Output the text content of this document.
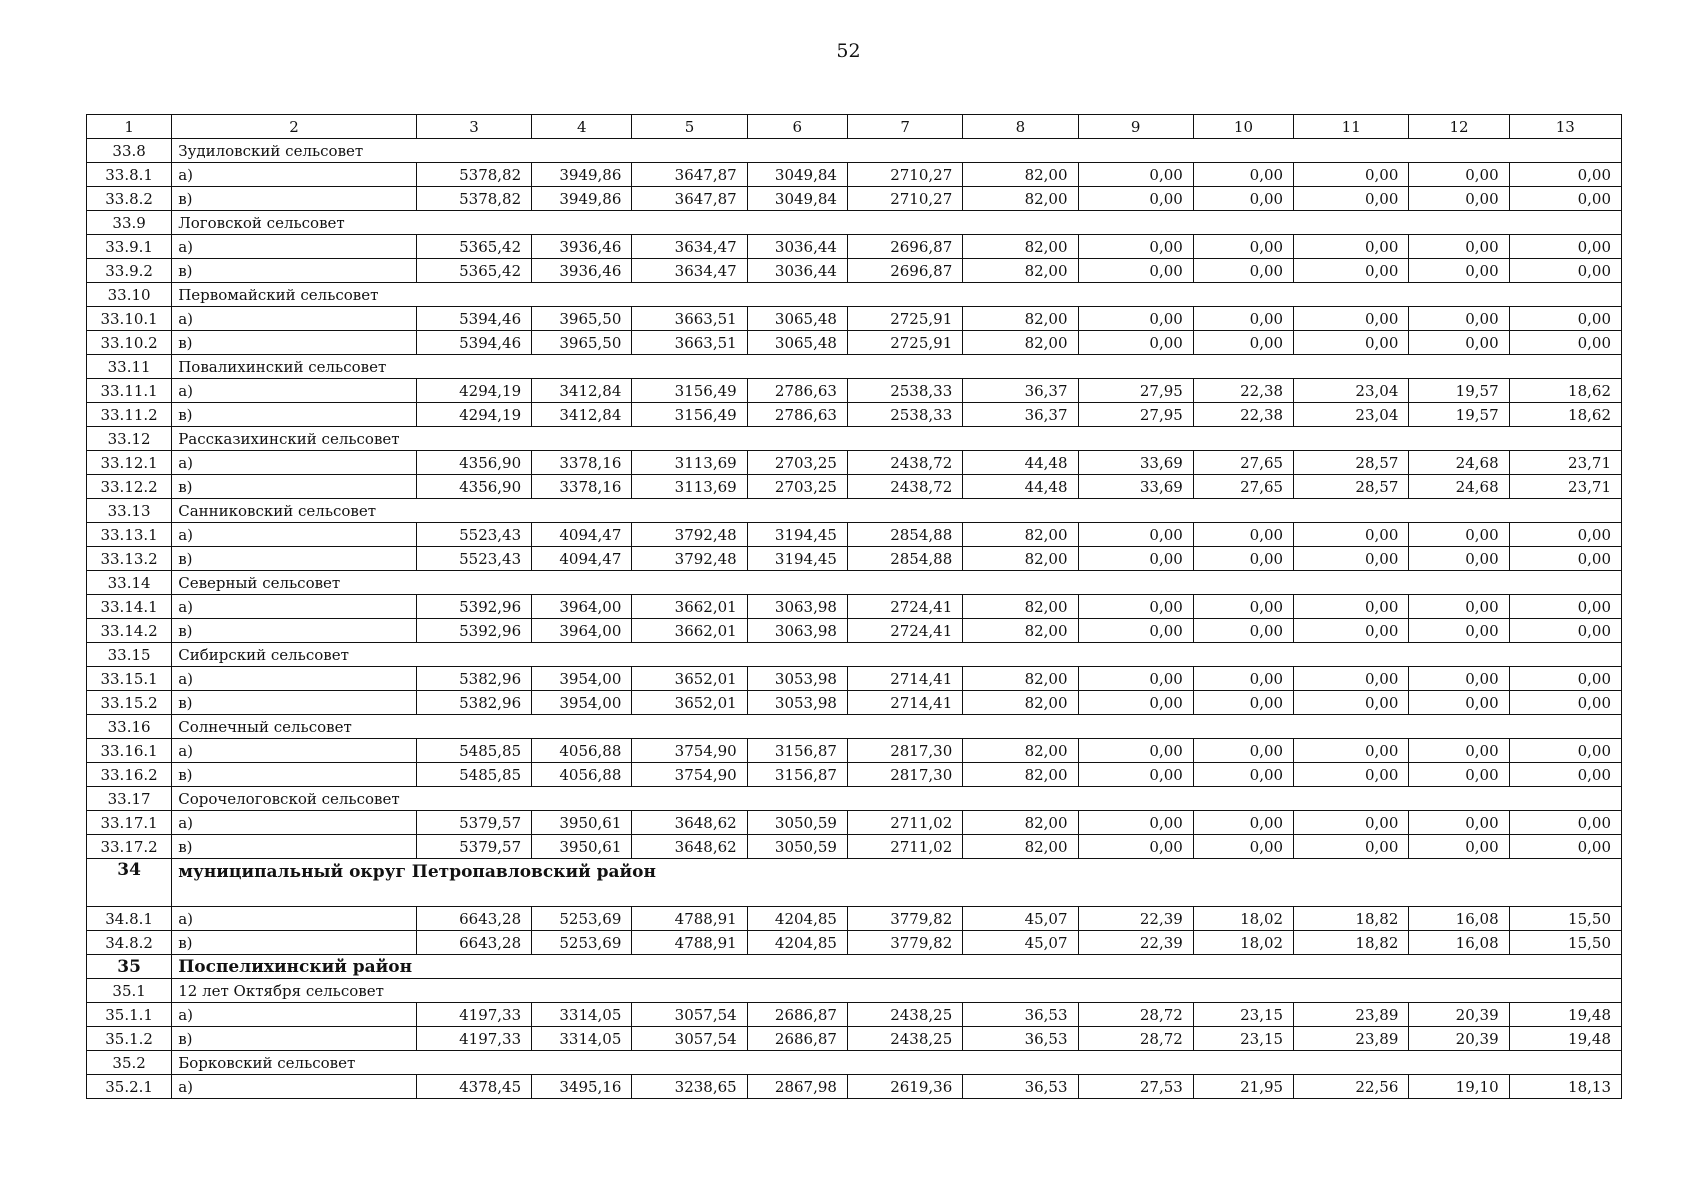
52
1	2	3	4	5	6	7	8	9	10	11	12	13
33.8	Зудиловский сельсовет											
33.8.1	а)	5378,82	3949,86	3647,87	3049,84	2710,27	82,00	0,00	0,00	0,00	0,00	0,00
33.8.2	в)	5378,82	3949,86	3647,87	3049,84	2710,27	82,00	0,00	0,00	0,00	0,00	0,00
33.9	Логовской сельсовет											
33.9.1	а)	5365,42	3936,46	3634,47	3036,44	2696,87	82,00	0,00	0,00	0,00	0,00	0,00
33.9.2	в)	5365,42	3936,46	3634,47	3036,44	2696,87	82,00	0,00	0,00	0,00	0,00	0,00
33.10	Первомайский сельсовет											
33.10.1	а)	5394,46	3965,50	3663,51	3065,48	2725,91	82,00	0,00	0,00	0,00	0,00	0,00
33.10.2	в)	5394,46	3965,50	3663,51	3065,48	2725,91	82,00	0,00	0,00	0,00	0,00	0,00
33.11	Повалихинский сельсовет											
33.11.1	а)	4294,19	3412,84	3156,49	2786,63	2538,33	36,37	27,95	22,38	23,04	19,57	18,62
33.11.2	в)	4294,19	3412,84	3156,49	2786,63	2538,33	36,37	27,95	22,38	23,04	19,57	18,62
33.12	Рассказихинский сельсовет											
33.12.1	а)	4356,90	3378,16	3113,69	2703,25	2438,72	44,48	33,69	27,65	28,57	24,68	23,71
33.12.2	в)	4356,90	3378,16	3113,69	2703,25	2438,72	44,48	33,69	27,65	28,57	24,68	23,71
33.13	Санниковский сельсовет											
33.13.1	а)	5523,43	4094,47	3792,48	3194,45	2854,88	82,00	0,00	0,00	0,00	0,00	0,00
33.13.2	в)	5523,43	4094,47	3792,48	3194,45	2854,88	82,00	0,00	0,00	0,00	0,00	0,00
33.14	Северный сельсовет											
33.14.1	а)	5392,96	3964,00	3662,01	3063,98	2724,41	82,00	0,00	0,00	0,00	0,00	0,00
33.14.2	в)	5392,96	3964,00	3662,01	3063,98	2724,41	82,00	0,00	0,00	0,00	0,00	0,00
33.15	Сибирский сельсовет											
33.15.1	а)	5382,96	3954,00	3652,01	3053,98	2714,41	82,00	0,00	0,00	0,00	0,00	0,00
33.15.2	в)	5382,96	3954,00	3652,01	3053,98	2714,41	82,00	0,00	0,00	0,00	0,00	0,00
33.16	Солнечный сельсовет											
33.16.1	а)	5485,85	4056,88	3754,90	3156,87	2817,30	82,00	0,00	0,00	0,00	0,00	0,00
33.16.2	в)	5485,85	4056,88	3754,90	3156,87	2817,30	82,00	0,00	0,00	0,00	0,00	0,00
33.17	Сорочелоговской сельсовет											
33.17.1	а)	5379,57	3950,61	3648,62	3050,59	2711,02	82,00	0,00	0,00	0,00	0,00	0,00
33.17.2	в)	5379,57	3950,61	3648,62	3050,59	2711,02	82,00	0,00	0,00	0,00	0,00	0,00
34	муниципальный округ Петропавловский район											
34.8.1	а)	6643,28	5253,69	4788,91	4204,85	3779,82	45,07	22,39	18,02	18,82	16,08	15,50
34.8.2	в)	6643,28	5253,69	4788,91	4204,85	3779,82	45,07	22,39	18,02	18,82	16,08	15,50
35	Поспелихинский район											
35.1	12 лет Октября сельсовет											
35.1.1	а)	4197,33	3314,05	3057,54	2686,87	2438,25	36,53	28,72	23,15	23,89	20,39	19,48
35.1.2	в)	4197,33	3314,05	3057,54	2686,87	2438,25	36,53	28,72	23,15	23,89	20,39	19,48
35.2	Борковский сельсовет											
35.2.1	а)	4378,45	3495,16	3238,65	2867,98	2619,36	36,53	27,53	21,95	22,56	19,10	18,13
